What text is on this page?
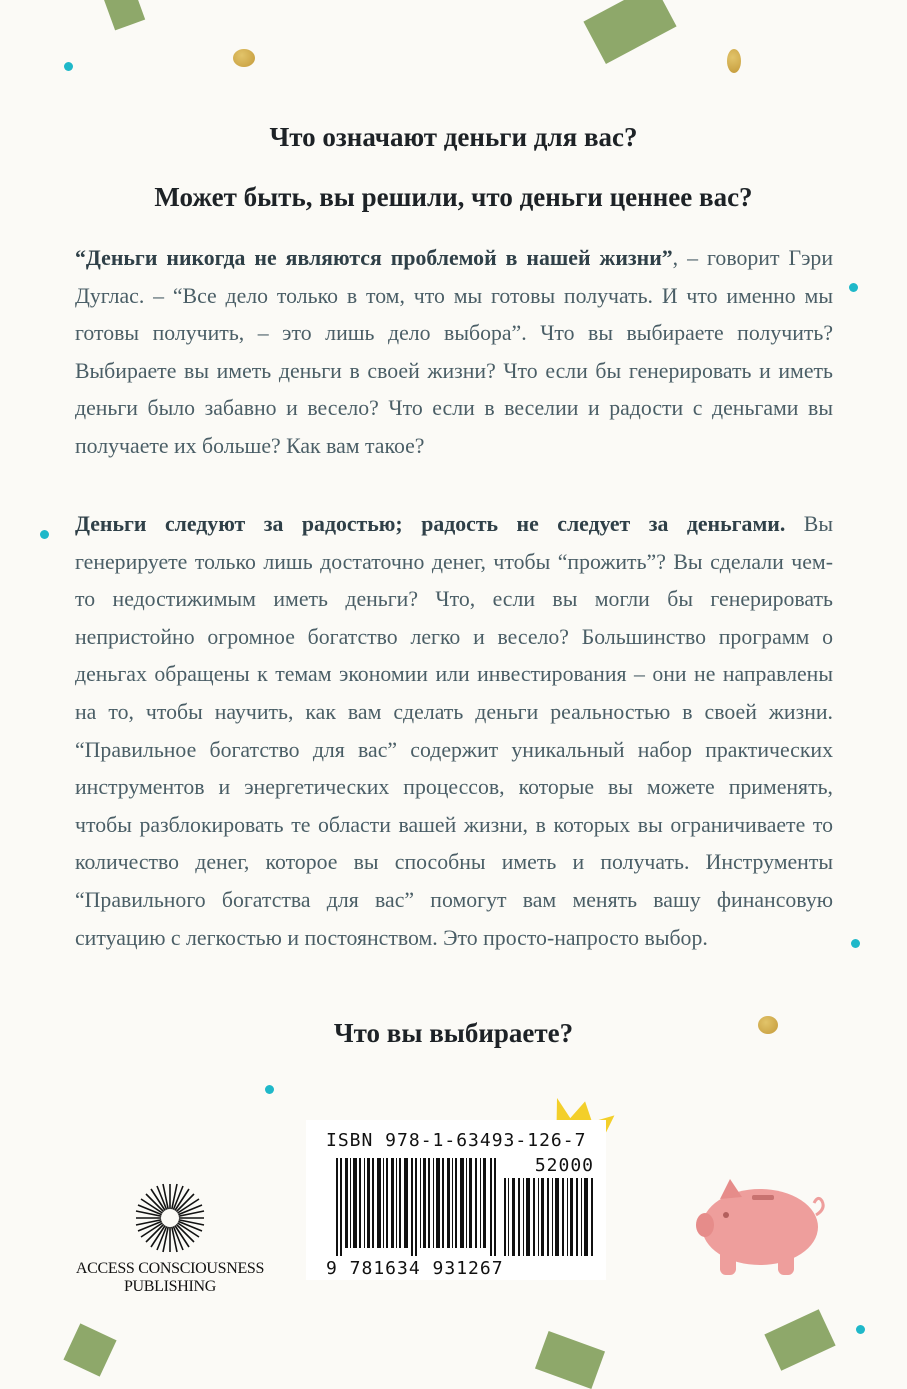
Что означают деньги для вас?
Может быть, вы решили, что деньги ценнее вас?

“Деньги никогда не являются проблемой в нашей жизни”, – говорит Гэри Дуглас. – “Все дело только в том, что мы готовы получать. И что именно мы готовы получить, – это лишь дело выбора”. Что вы выбираете получить? Выбираете вы иметь деньги в своей жизни? Что если бы генерировать и иметь деньги было забавно и весело? Что если в веселии и радости с деньгами вы получаете их больше? Как вам такое?

Деньги следуют за радостью; радость не следует за деньгами. Вы генерируете только лишь достаточно денег, чтобы “прожить”? Вы сделали чем-то недостижимым иметь деньги? Что, если вы могли бы генерировать непристойно огромное богатство легко и весело? Большинство программ о деньгах обращены к темам экономии или инвестирования – они не направлены на то, чтобы научить, как вам сделать деньги реальностью в своей жизни. “Правильное богатство для вас” содержит уникальный набор практических инструментов и энергетических процессов, которые вы можете применять, чтобы разблокировать те области вашей жизни, в которых вы ограничиваете то количество денег, которое вы способны иметь и получать. Инструменты “Правильного богатства для вас” помогут вам менять вашу финансовую ситуацию с легкостью и постоянством. Это просто-напросто выбор.

Что вы выбираете?
ISBN 978-1-63493-126-7
52000
9 781634 931267
ACCESS CONSCIOUSNESS
PUBLISHING
